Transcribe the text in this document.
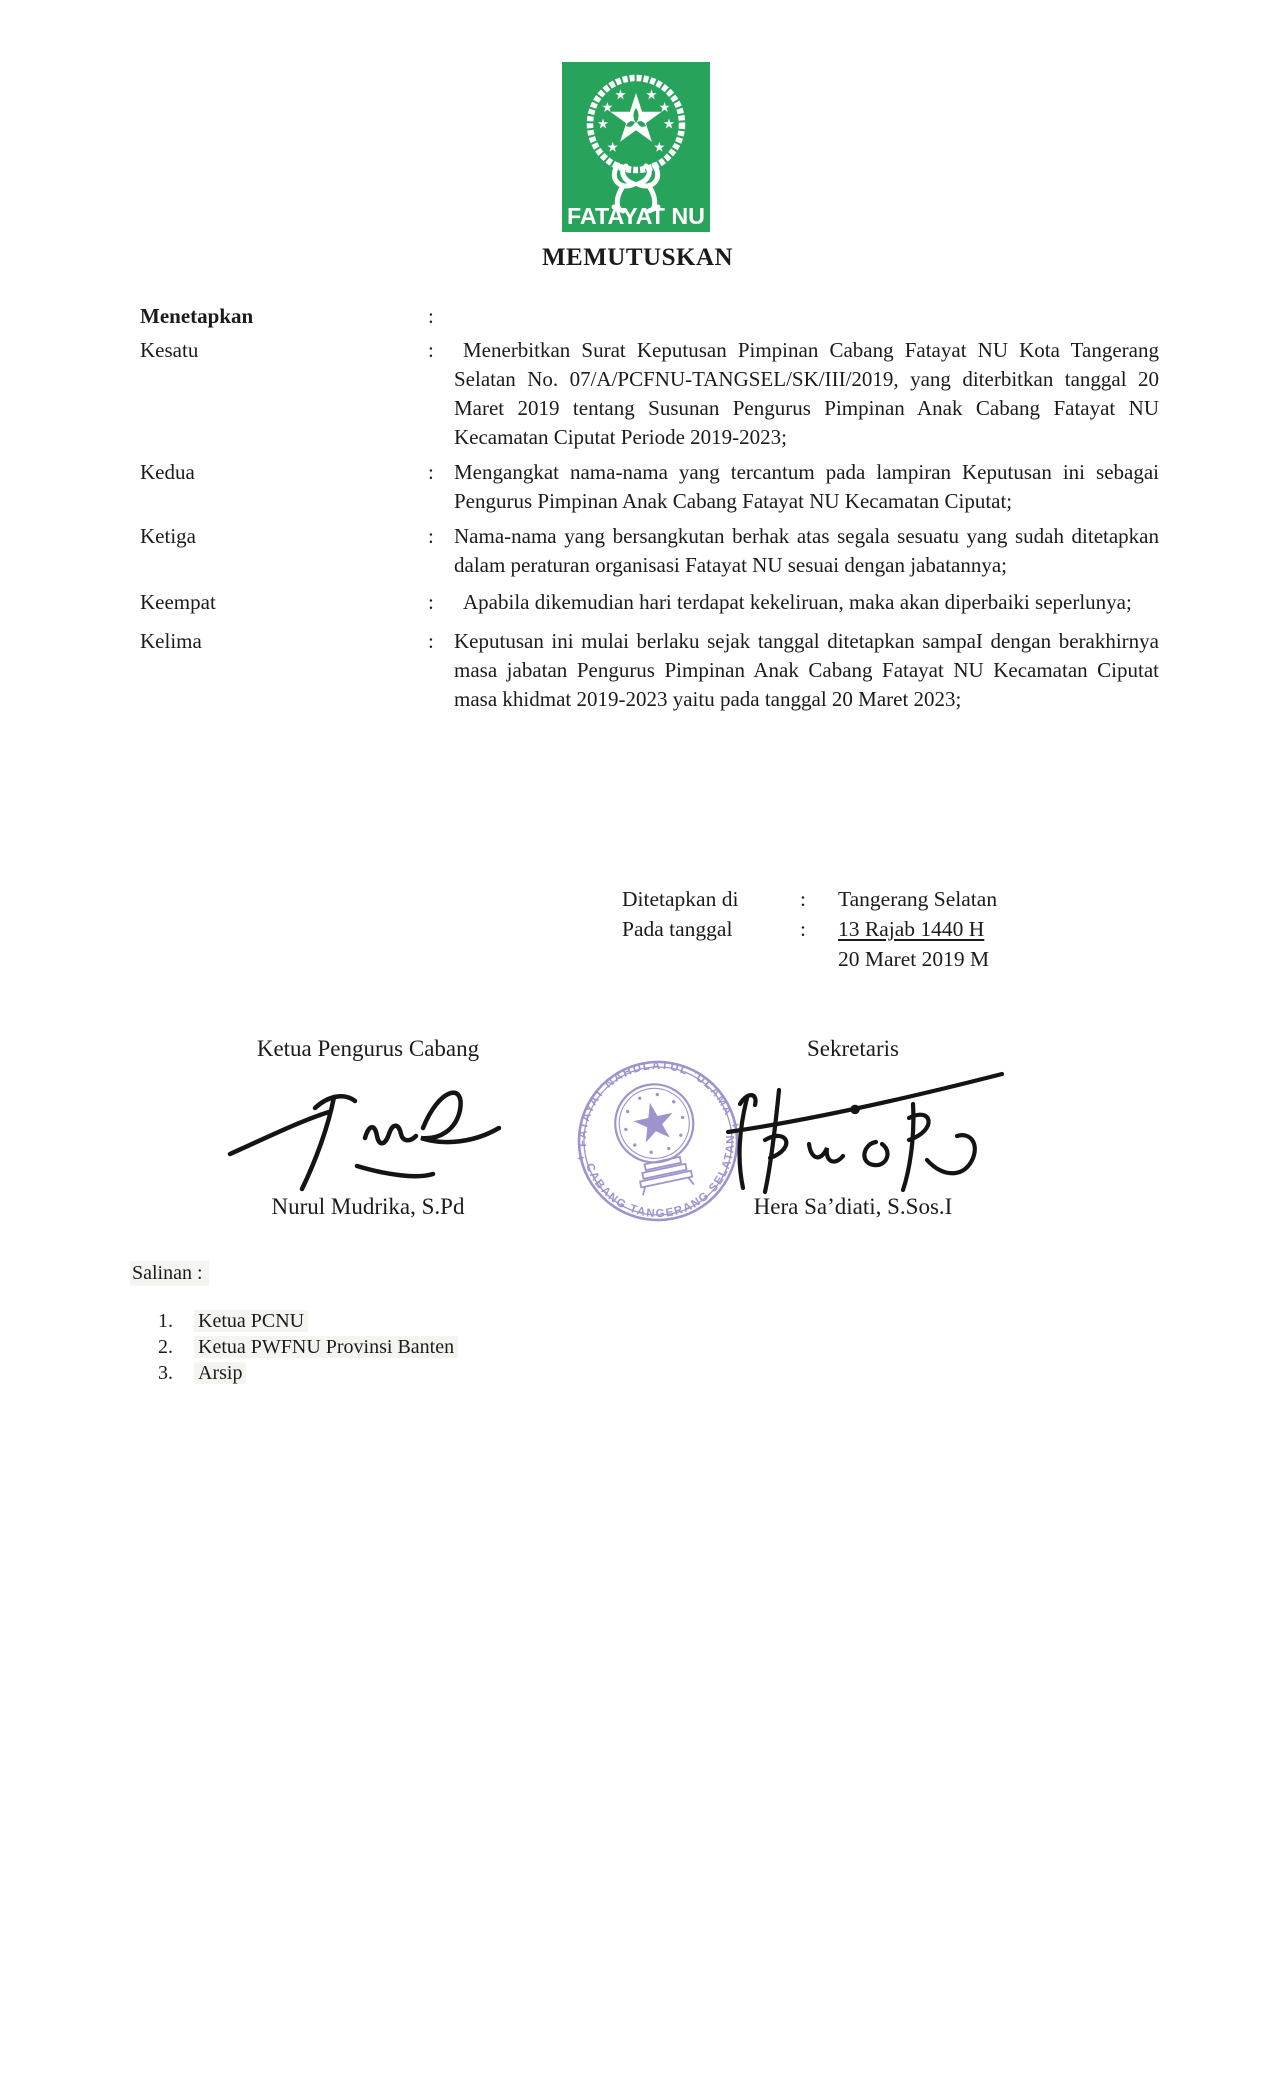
FATAYAT NU
MEMUTUSKAN
Menetapkan	:
Kesatu	:	Menerbitkan Surat Keputusan Pimpinan Cabang Fatayat NU Kota Tangerang Selatan No. 07/A/PCFNU-TANGSEL/SK/III/2019, yang diterbitkan tanggal 20 Maret 2019 tentang Susunan Pengurus Pimpinan Anak Cabang Fatayat NU Kecamatan Ciputat Periode 2019-2023;
Kedua	: Mengangkat nama-nama yang tercantum pada lampiran Keputusan ini sebagai Pengurus Pimpinan Anak Cabang Fatayat NU Kecamatan Ciputat;
Ketiga	: Nama-nama yang bersangkutan berhak atas segala sesuatu yang sudah ditetapkan dalam peraturan organisasi Fatayat NU sesuai dengan jabatannya;
Keempat	:	Apabila dikemudian hari terdapat kekeliruan, maka akan diperbaiki seperlunya;
Kelima	: Keputusan ini mulai berlaku sejak tanggal ditetapkan sampaI dengan berakhirnya masa jabatan Pengurus Pimpinan Anak Cabang Fatayat NU Kecamatan Ciputat masa khidmat 2019-2023 yaitu pada tanggal 20 Maret 2023;
Ditetapkan di	:	Tangerang Selatan
Pada tanggal	:	13 Rajab 1440 H
20 Maret 2019 M
Ketua Pengurus Cabang	Sekretaris
FATAYAT NAHDLATUL 'ULAMA
CABANG TANGERANG SELATAN
✦
✦
Nurul Mudrika, S.Pd	Hera Sa’diati, S.Sos.I
Salinan :
1.	Ketua PCNU
2.	Ketua PWFNU Provinsi Banten
3.	Arsip
